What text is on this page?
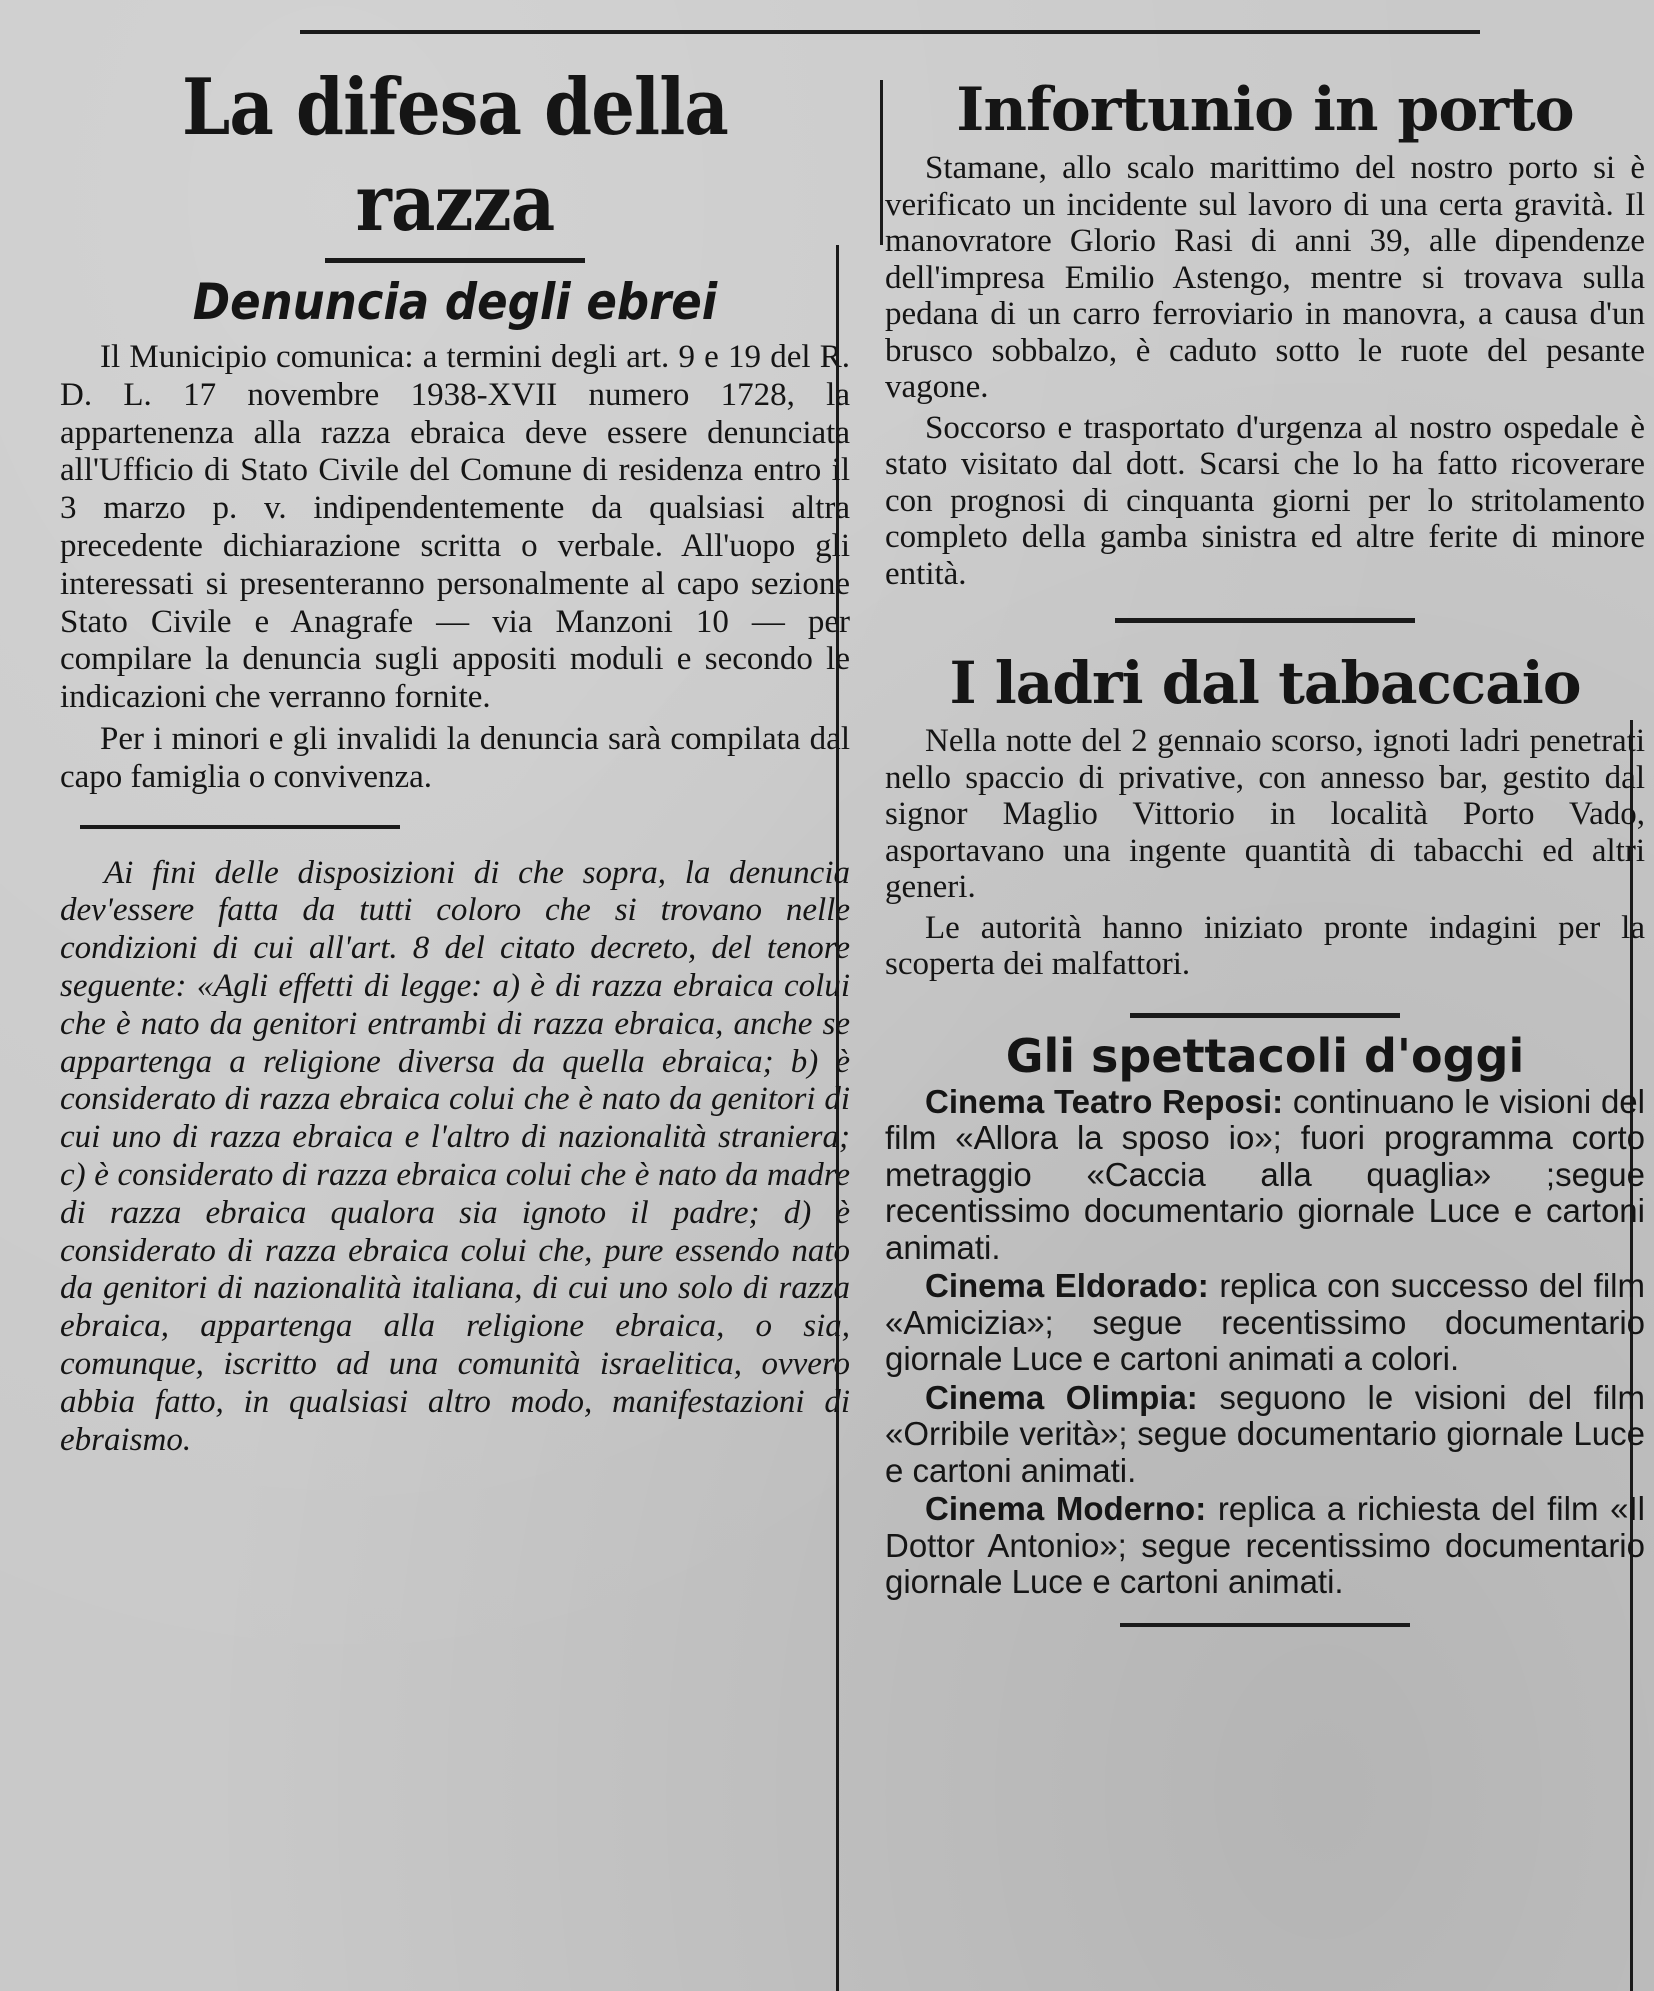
La difesa della razza
Denuncia degli ebrei

Il Municipio comunica: a termini degli art. 9 e 19 del R. D. L. 17 novembre 1938-XVII numero 1728, la appartenenza alla razza ebraica deve essere denunciata all'Ufficio di Stato Civile del Comune di residenza entro il 3 marzo p. v. indipendentemente da qualsiasi altra precedente dichiarazione scritta o verbale. All'uopo gli interessati si presenteranno personalmente al capo sezione Stato Civile e Anagrafe — via Manzoni 10 — per compilare la denuncia sugli appositi moduli e secondo le indicazioni che verranno fornite.

Per i minori e gli invalidi la denuncia sarà compilata dal capo famiglia o convivenza.

Ai fini delle disposizioni di che sopra, la denuncia dev'essere fatta da tutti coloro che si trovano nelle condizioni di cui all'art. 8 del citato decreto, del tenore seguente: «Agli effetti di legge: a) è di razza ebraica colui che è nato da genitori entrambi di razza ebraica, anche se appartenga a religione diversa da quella ebraica; b) è considerato di razza ebraica colui che è nato da genitori di cui uno di razza ebraica e l'altro di nazionalità straniera; c) è considerato di razza ebraica colui che è nato da madre di razza ebraica qualora sia ignoto il padre; d) è considerato di razza ebraica colui che, pure essendo nato da genitori di nazionalità italiana, di cui uno solo di razza ebraica, appartenga alla religione ebraica, o sia, comunque, iscritto ad una comunità israelitica, ovvero abbia fatto, in qualsiasi altro modo, manifestazioni di ebraismo.

Infortunio in porto

Stamane, allo scalo marittimo del nostro porto si è verificato un incidente sul lavoro di una certa gravità. Il manovratore Glorio Rasi di anni 39, alle dipendenze dell'impresa Emilio Astengo, mentre si trovava sulla pedana di un carro ferroviario in manovra, a causa d'un brusco sobbalzo, è caduto sotto le ruote del pesante vagone.

Soccorso e trasportato d'urgenza al nostro ospedale è stato visitato dal dott. Scarsi che lo ha fatto ricoverare con prognosi di cinquanta giorni per lo stritolamento completo della gamba sinistra ed altre ferite di minore entità.

I ladri dal tabaccaio

Nella notte del 2 gennaio scorso, ignoti ladri penetrati nello spaccio di privative, con annesso bar, gestito dal signor Maglio Vittorio in località Porto Vado, asportavano una ingente quantità di tabacchi ed altri generi.

Le autorità hanno iniziato pronte indagini per la scoperta dei malfattori.

Gli spettacoli d'oggi

Cinema Teatro Reposi: continuano le visioni del film «Allora la sposo io»; fuori programma corto metraggio «Caccia alla quaglia» ;segue recentissimo documentario giornale Luce e cartoni animati.

Cinema Eldorado: replica con successo del film «Amicizia»; segue recentissimo documentario giornale Luce e cartoni animati a colori.

Cinema Olimpia: seguono le visioni del film «Orribile verità»; segue documentario giornale Luce e cartoni animati.

Cinema Moderno: replica a richiesta del film «Il Dottor Antonio»; segue recentissimo documentario giornale Luce e cartoni animati.
